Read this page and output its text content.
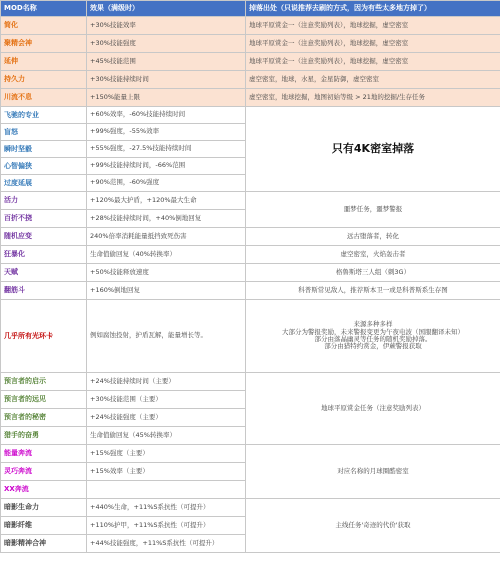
MOD名称	效果（满级时）	掉落出处（只说推荐去刷的方式，因为有些太多地方掉了）
简化	+30%技能效率	地球平原赏金一（注意奖励列表），地球挖掘，虚空密室
聚精会神	+30%技能强度	地球平原赏金一（注意奖励列表），地球挖掘，虚空密室
延伸	+45%技能范围	地球平原赏金一（注意奖励列表），地球挖掘，虚空密室
持久力	+30%技能持续时间	虚空密室，地球，水星，金星防御，虚空密室
川流不息	+150%能量上限	虚空密室，地球挖掘，地图初始等级 > 21地的挖掘/生存任务
飞驰的专业	+60%效率，-60%技能持续时间	只有4K密室掉落
盲怒	+99%强度，-55%效率	
瞬时坚毅	+55%强度，-27.5%技能持续时间	
心智偏狭	+99%技能持续时间，-66%范围	
过度延展	+90%范围，-60%强度	
活力	+120%最大护盾，+120%最大生命	噩梦任务，噩梦警报
百折不挠	+28%技能持续时间，+40%倒地回复	
随机应变	240%倍率消耗能量抵挡致死伤害	远古堕落者，转化
狂暴化	生命值偷回复（40%转换率）	虚空密室，火焰轰击者
天赋	+50%技能释放速度	格鲁斯塔三人组（刺3G）
翻筋斗	+160%倒地回复	科普斯常见敌人，推荐斯本卫一或是科普斯系生存图
几乎所有光环卡	例如腐蚀投射，护盾瓦解，能量增长等。	来源多种多样
大部分为警报奖励，未来警报变更为午夜电波（国服翻译未知）
部分由落晶幽灵等任务的随机奖励掉落。
部分由猎特约赏金，伊蕨警报获取

预言者的启示	+24%技能持续时间（主要）	地球平原赏金任务（注意奖励列表）
预言者的远见	+30%技能范围（主要）	
预言者的秘密	+24%技能强度（主要）	
猎手的奋勇	生命值偷回复（45%转换率）	
能量奔流	+15%强度（主要）	对应名称的月球圈酷密室
灵巧奔流	+15%效率（主要）	
XX奔流		
暗影生命力	+440%生命，+11%S系抗性（可提升）	主线任务'奇迹的代价'获取
暗影纤维	+110%护甲，+11%S系抗性（可提升）	
暗影精神合神	+44%技能强度，+11%S系抗性（可提升）	
